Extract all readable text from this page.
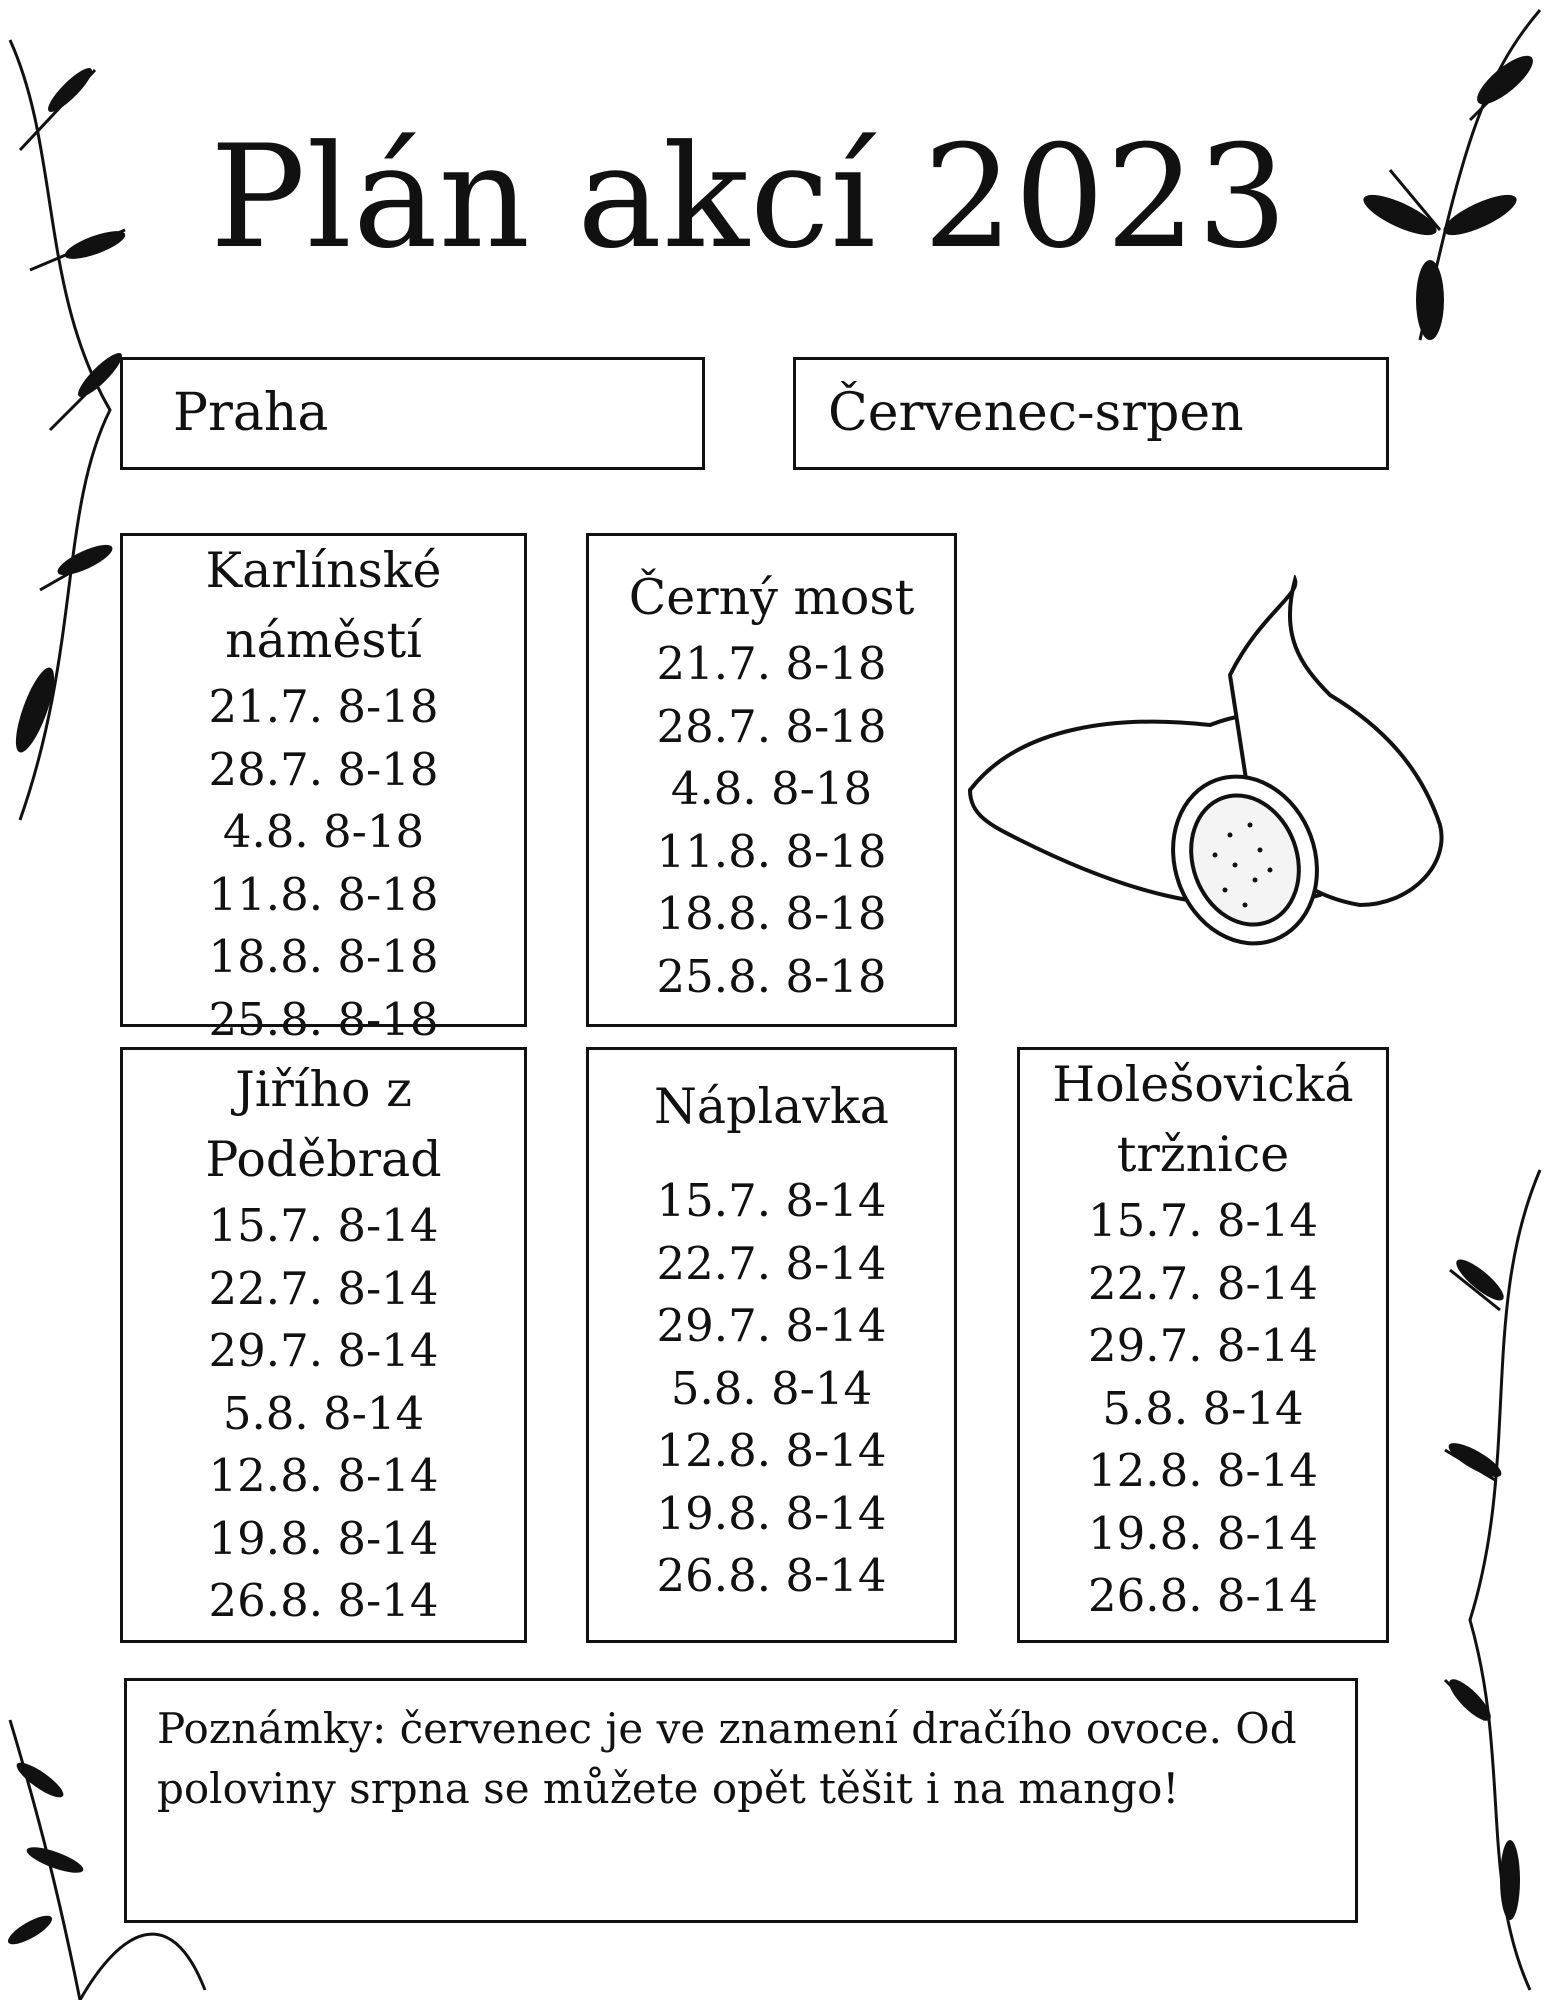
Plán akcí 2023
Praha	Červenec-srpen
Karlínské
náměstí
21.7. 8-18
28.7. 8-18
4.8. 8-18
11.8. 8-18
18.8. 8-18
25.8. 8-18
Černý most
21.7. 8-18
28.7. 8-18
4.8. 8-18
11.8. 8-18
18.8. 8-18
25.8. 8-18
Jiřího z
Poděbrad
15.7. 8-14
22.7. 8-14
29.7. 8-14
5.8. 8-14
12.8. 8-14
19.8. 8-14
26.8. 8-14
Náplavka
15.7. 8-14
22.7. 8-14
29.7. 8-14
5.8. 8-14
12.8. 8-14
19.8. 8-14
26.8. 8-14
Holešovická
tržnice
15.7. 8-14
22.7. 8-14
29.7. 8-14
5.8. 8-14
12.8. 8-14
19.8. 8-14
26.8. 8-14
Poznámky: červenec je ve znamení dračího ovoce. Od poloviny srpna se můžete opět těšit i na mango!
